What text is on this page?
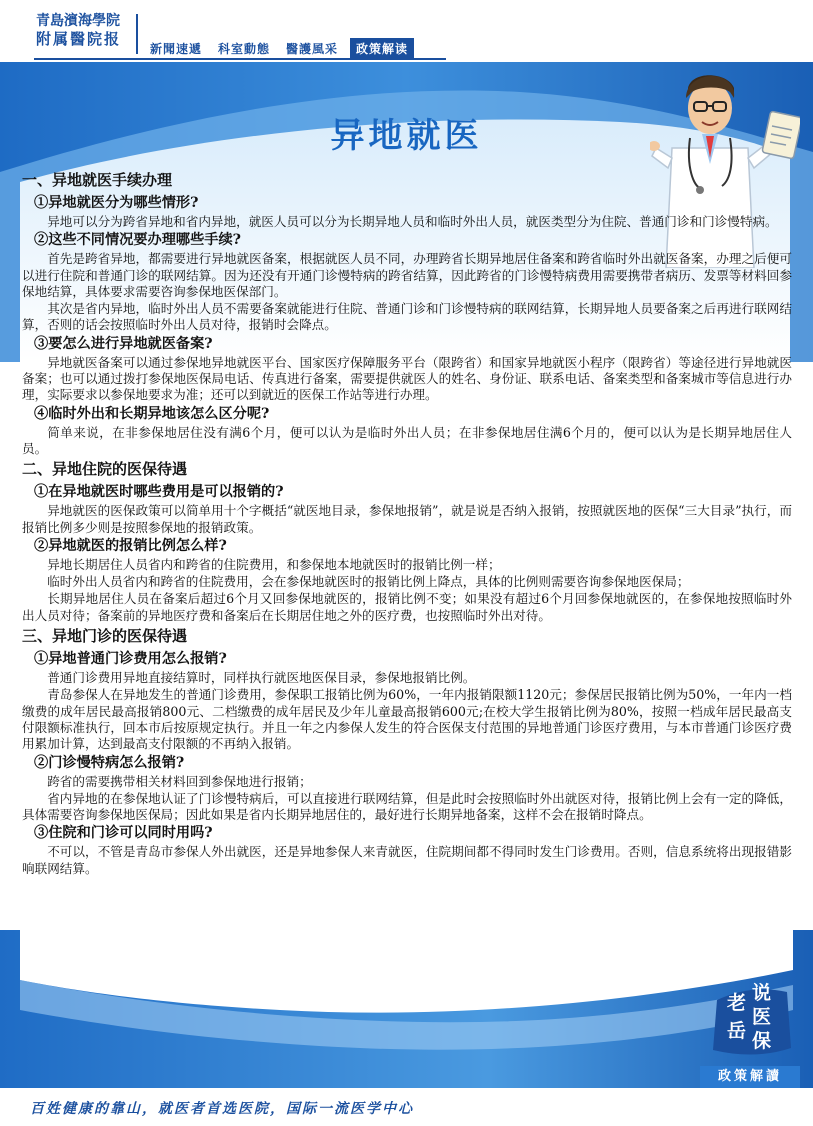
青島濱海學院
附属醫院报
新聞速遞	科室動態	醫護風采	政策解读
异地就医
一、异地就医手续办理
①异地就医分为哪些情形?
异地可以分为跨省异地和省内异地，就医人员可以分为长期异地人员和临时外出人员，就医类型分为住院、普通门诊和门诊慢特病。
②这些不同情况要办理哪些手续?
首先是跨省异地，都需要进行异地就医备案，根据就医人员不同，办理跨省长期异地居住备案和跨省临时外出就医备案，办理之后便可以进行住院和普通门诊的联网结算。因为还没有开通门诊慢特病的跨省结算，因此跨省的门诊慢特病费用需要携带者病历、发票等材料回参保地结算，具体要求需要咨询参保地医保部门。
其次是省内异地，临时外出人员不需要备案就能进行住院、普通门诊和门诊慢特病的联网结算，长期异地人员要备案之后再进行联网结算，否则的话会按照临时外出人员对待，报销时会降点。
③要怎么进行异地就医备案?
异地就医备案可以通过参保地异地就医平台、国家医疗保障服务平台（限跨省）和国家异地就医小程序（限跨省）等途径进行异地就医备案；也可以通过拨打参保地医保局电话、传真进行备案，需要提供就医人的姓名、身份证、联系电话、备案类型和备案城市等信息进行办理，实际要求以参保地要求为准；还可以到就近的医保工作站等进行办理。
④临时外出和长期异地该怎么区分呢?
简单来说，在非参保地居住没有满6个月，便可以认为是临时外出人员；在非参保地居住满6个月的，便可以认为是长期异地居住人员。
二、异地住院的医保待遇
①在异地就医时哪些费用是可以报销的?
异地就医的医保政策可以简单用十个字概括“就医地目录，参保地报销”，就是说是否纳入报销，按照就医地的医保“三大目录”执行，而报销比例多少则是按照参保地的报销政策。
②异地就医的报销比例怎么样?
异地长期居住人员省内和跨省的住院费用，和参保地本地就医时的报销比例一样；
临时外出人员省内和跨省的住院费用，会在参保地就医时的报销比例上降点，具体的比例则需要咨询参保地医保局；
长期异地居住人员在备案后超过6个月又回参保地就医的，报销比例不变；如果没有超过6个月回参保地就医的，在参保地按照临时外出人员对待；备案前的异地医疗费和备案后在长期居住地之外的医疗费，也按照临时外出对待。
三、异地门诊的医保待遇
①异地普通门诊费用怎么报销?
普通门诊费用异地直接结算时，同样执行就医地医保目录，参保地报销比例。
青岛参保人在异地发生的普通门诊费用，参保职工报销比例为60%，一年内报销限额1120元；参保居民报销比例为50%，一年内一档缴费的成年居民最高报销800元、二档缴费的成年居民及少年儿童最高报销600元;在校大学生报销比例为80%，按照一档成年居民最高支付限额标准执行，回本市后按原规定执行。并且一年之内参保人发生的符合医保支付范围的异地普通门诊医疗费用，与本市普通门诊医疗费用累加计算，达到最高支付限额的不再纳入报销。
②门诊慢特病怎么报销?
跨省的需要携带相关材料回到参保地进行报销；
省内异地的在参保地认证了门诊慢特病后，可以直接进行联网结算，但是此时会按照临时外出就医对待，报销比例上会有一定的降低，具体需要咨询参保地医保局；因此如果是省内长期异地居住的，最好进行长期异地备案，这样不会在报销时降点。
③住院和门诊可以同时用吗?
不可以，不管是青岛市参保人外出就医，还是异地参保人来青就医，住院期间都不得同时发生门诊费用。否则，信息系统将出现报错影响联网结算。
老
岳
说
医
保
政策解讀
百姓健康的靠山，就医者首选医院，国际一流医学中心
